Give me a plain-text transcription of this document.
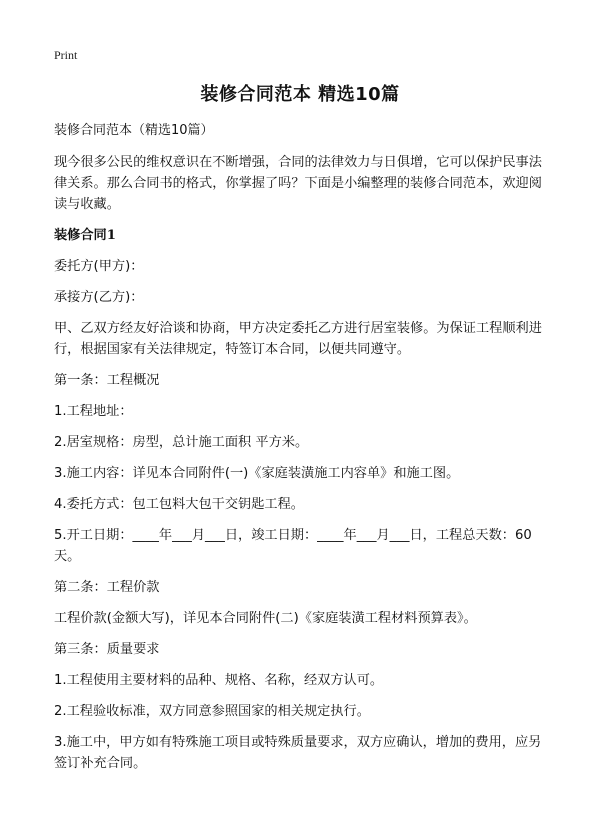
Print
装修合同范本 精选10篇

装修合同范本（精选10篇）

现今很多公民的维权意识在不断增强，合同的法律效力与日俱增，它可以保护民事法律关系。那么合同书的格式，你掌握了吗？下面是小编整理的装修合同范本，欢迎阅读与收藏。

装修合同1

委托方(甲方)：

承接方(乙方)：

甲、乙双方经友好洽谈和协商，甲方决定委托乙方进行居室装修。为保证工程顺利进行，根据国家有关法律规定，特签订本合同，以便共同遵守。

第一条：工程概况

1.工程地址：

2.居室规格：房型，总计施工面积 平方米。

3.施工内容：详见本合同附件(一)《家庭装潢施工内容单》和施工图。

4.委托方式：包工包料大包干交钥匙工程。

5.开工日期：____年___月___日，竣工日期：____年___月___日，工程总天数：60天。

第二条：工程价款

工程价款(金额大写)，详见本合同附件(二)《家庭装潢工程材料预算表》。

第三条：质量要求

1.工程使用主要材料的品种、规格、名称，经双方认可。

2.工程验收标准，双方同意参照国家的相关规定执行。

3.施工中，甲方如有特殊施工项目或特殊质量要求，双方应确认，增加的费用，应另签订补充合同。
